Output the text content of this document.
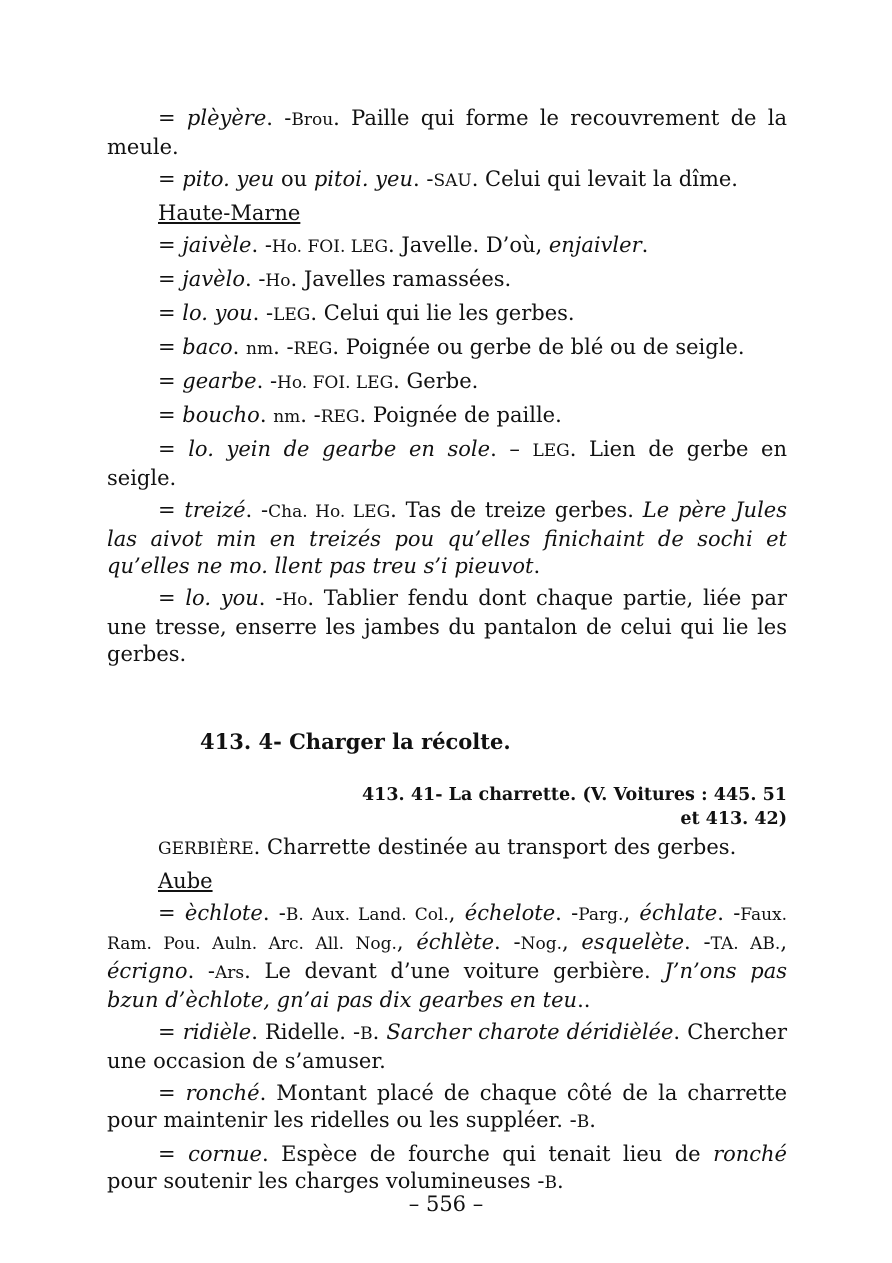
= plèyère. -Brou. Paille qui forme le recouvrement de la meule.

= pito. yeu ou pitoi. yeu. -SAU. Celui qui levait la dîme.

Haute-Marne

= jaivèle. -Ho. FOI. LEG. Javelle. D’où, enjaivler.

= javèlo. -Ho. Javelles ramassées.

= lo. you. -LEG. Celui qui lie les gerbes.

= baco. nm. -REG. Poignée ou gerbe de blé ou de seigle.

= gearbe. -Ho. FOI. LEG. Gerbe.

= boucho. nm. -REG. Poignée de paille.

= lo. yein de gearbe en sole. – LEG. Lien de gerbe en seigle.

= treizé. -Cha. Ho. LEG. Tas de treize gerbes. Le père Jules las aivot min en treizés pou qu’elles finichaint de sochi et qu’elles ne mo. llent pas treu s’i pieuvot.

= lo. you. -Ho. Tablier fendu dont chaque partie, liée par une tresse, enserre les jambes du pantalon de celui qui lie les gerbes.

413. 4- Charger la récolte.
413. 41- La charrette. (V. Voitures : 445. 51 et 413. 42)

GERBIÈRE. Charrette destinée au transport des gerbes.

Aube

= èchlote. -B. Aux. Land. Col., échelote. -Parg., échlate. -Faux. Ram. Pou. Auln. Arc. All. Nog., échlète. -Nog., esquelète. -TA. AB., écrigno. -Ars. Le devant d’une voiture gerbière. J’n’ons pas bzun d’èchlote, gn’ai pas dix gearbes en teu..

= ridièle. Ridelle. -B. Sarcher charote déridièlée. Chercher une occasion de s’amuser.

= ronché. Montant placé de chaque côté de la charrette pour maintenir les ridelles ou les suppléer. -B.

= cornue. Espèce de fourche qui tenait lieu de ronché pour soutenir les charges volumineuses -B.

– 556 –
